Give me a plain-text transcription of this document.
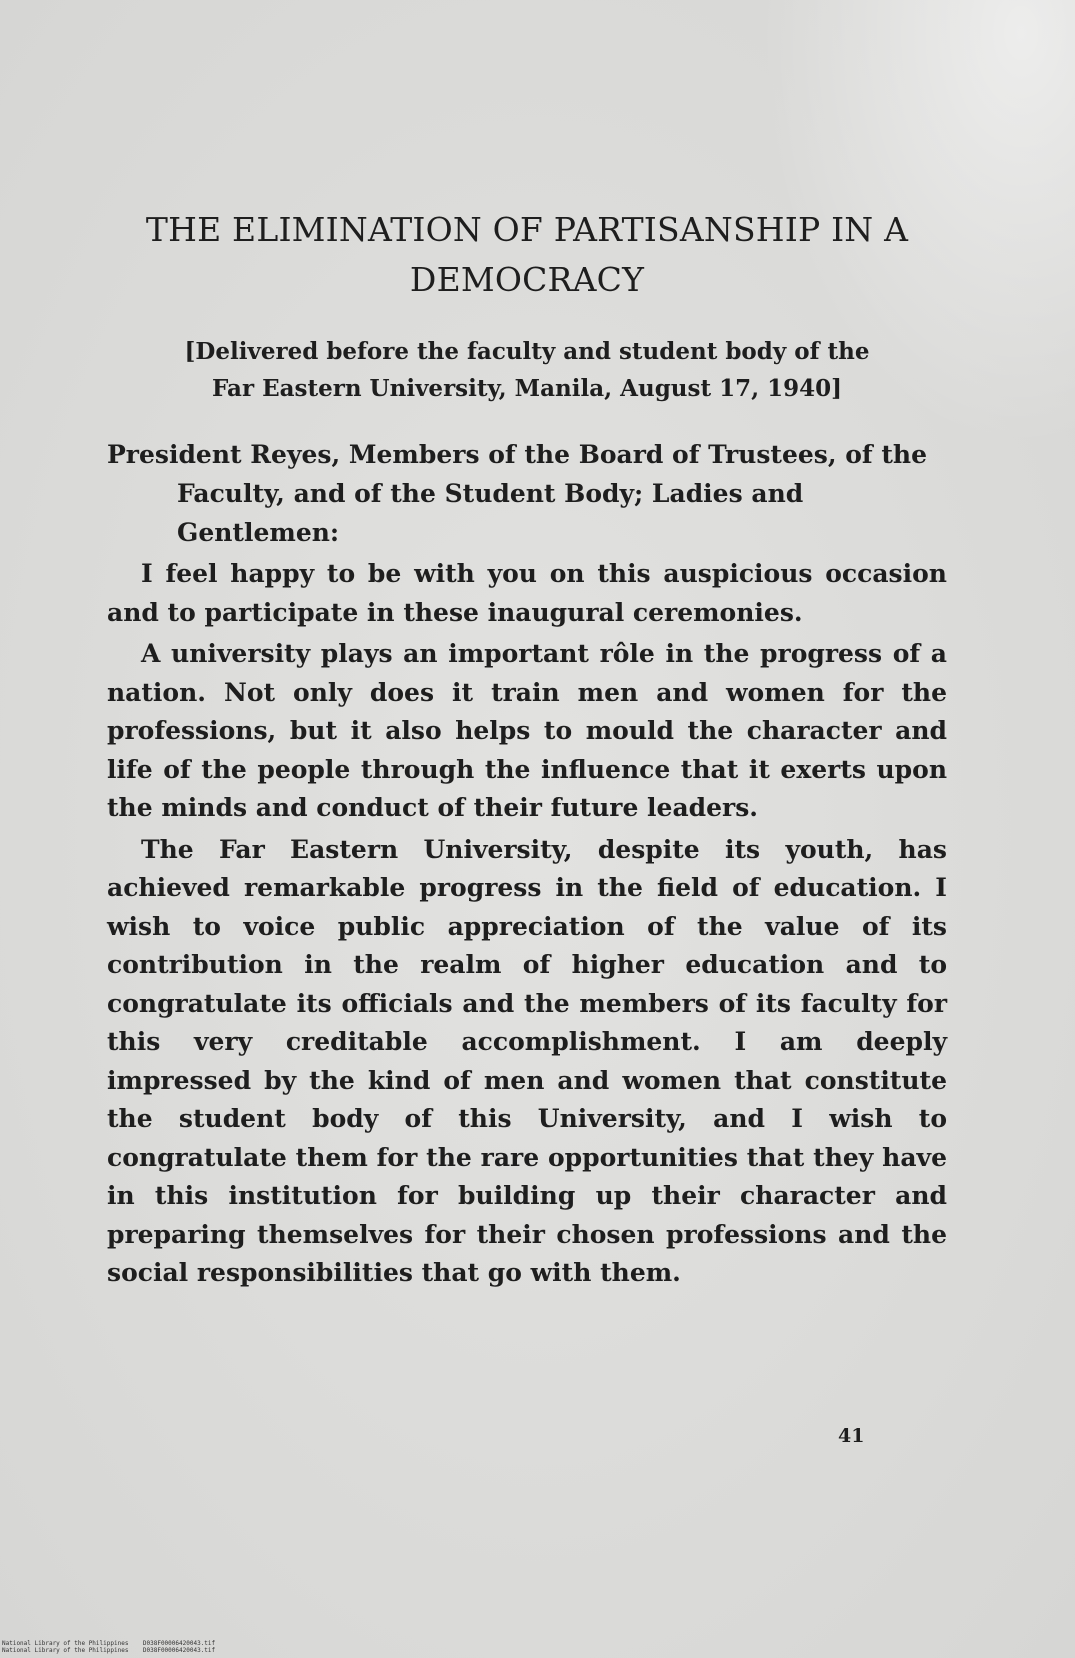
THE ELIMINATION OF PARTISANSHIP IN A
DEMOCRACY

[Delivered before the faculty and student body of the
Far Eastern University, Manila, August 17, 1940]

President Reyes, Members of the Board of Trustees, of the Faculty, and of the Student Body; Ladies and Gentlemen:

I feel happy to be with you on this auspicious occasion and to participate in these inaugural ceremonies.

A university plays an important rôle in the progress of a nation. Not only does it train men and women for the professions, but it also helps to mould the character and life of the people through the influence that it exerts upon the minds and conduct of their future leaders.

The Far Eastern University, despite its youth, has achieved remarkable progress in the field of education. I wish to voice public appreciation of the value of its contribution in the realm of higher education and to congratulate its officials and the members of its faculty for this very creditable accomplishment. I am deeply impressed by the kind of men and women that constitute the student body of this University, and I wish to congratulate them for the rare opportunities that they have in this institution for building up their character and preparing themselves for their chosen professions and the social responsibilities that go with them.

41
National Library of the Philippines    D038F00006420043.tif
National Library of the Philippines    D038F00006420043.tif
